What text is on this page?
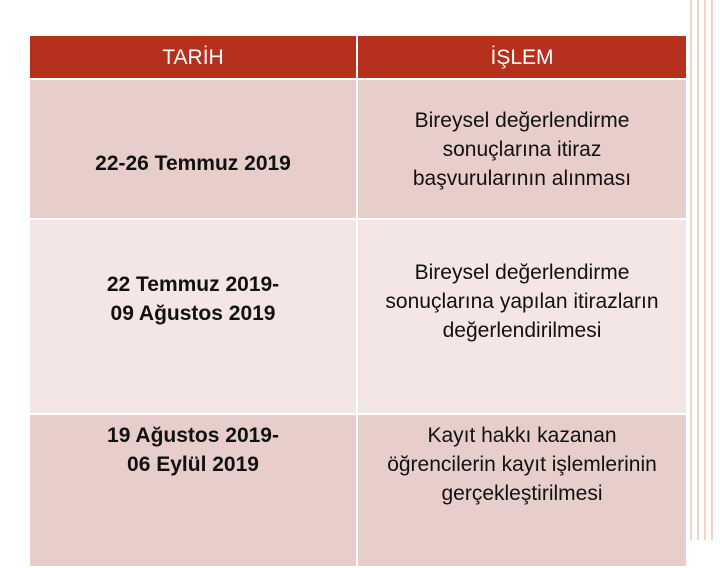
TARİH	İŞLEM

22-26 Temmuz 2019	Bireysel değerlendirme
sonuçlarına itiraz
başvurularının alınması

22 Temmuz 2019-
09 Ağustos 2019	Bireysel değerlendirme
sonuçlarına yapılan itirazların
değerlendirilmesi

19 Ağustos 2019-
06 Eylül 2019	Kayıt hakkı kazanan
öğrencilerin kayıt işlemlerinin
gerçekleştirilmesi
